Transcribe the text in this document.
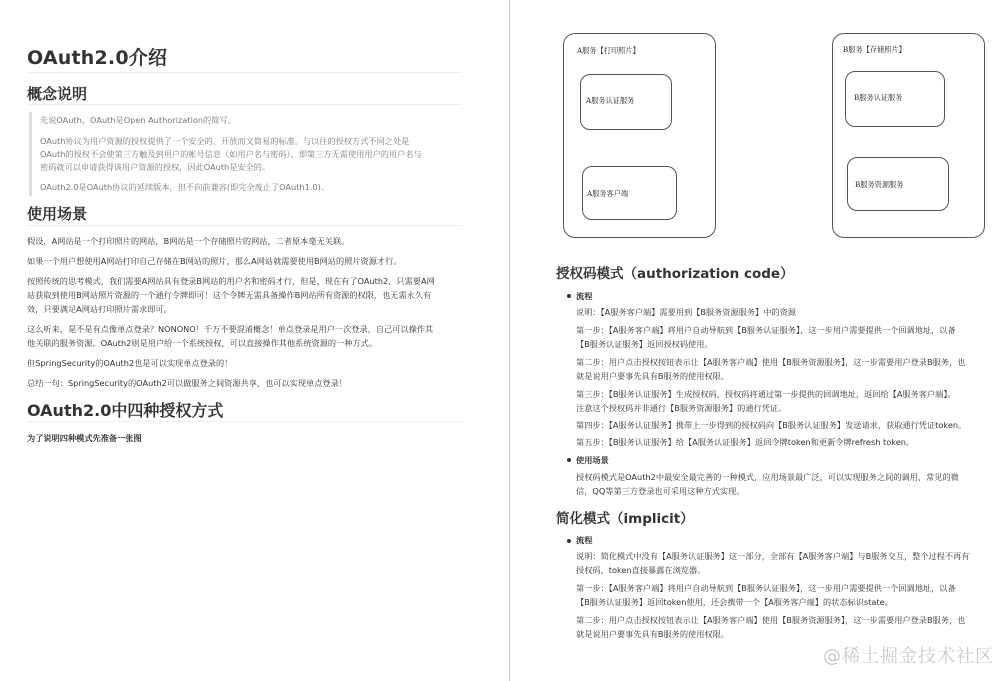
OAuth2.0介绍
概念说明

先说OAuth，OAuth是Open Authorization的简写。

OAuth协议为用户资源的授权提供了一个安全的、开放而又简易的标准。与以往的授权方式不同之处是

OAuth的授权不会使第三方触及到用户的帐号信息（如用户名与密码），即第三方无需使用用户的用户名与

密码就可以申请获得该用户资源的授权，因此OAuth是安全的。

OAuth2.0是OAuth协议的延续版本，但不向前兼容(即完全废止了OAuth1.0)。

使用场景

假设，A网站是一个打印照片的网站，B网站是一个存储照片的网站，二者原本毫无关联。

如果一个用户想使用A网站打印自己存储在B网站的照片，那么A网站就需要使用B网站的照片资源才行。

按照传统的思考模式，我们需要A网站具有登录B网站的用户名和密码才行，但是，现在有了OAuth2，只需要A网

站获取到使用B网站照片资源的一个通行令牌即可！这个令牌无需具备操作B网站所有资源的权限，也无需永久有

效，只要满足A网站打印照片需求即可。

这么听来，是不是有点像单点登录？NONONO！千万不要混淆概念！单点登录是用户一次登录，自己可以操作其

他关联的服务资源。OAuth2则是用户给一个系统授权，可以直接操作其他系统资源的一种方式。

但SpringSecurity的OAuth2也是可以实现单点登录的！

总结一句：SpringSecurity的OAuth2可以做服务之间资源共享，也可以实现单点登录！

OAuth2.0中四种授权方式

为了说明四种模式先准备一张图

A服务【打印照片】
A服务认证服务
A服务客户端
B服务【存储照片】
B服务认证服务
B服务资源服务
授权码模式（authorization code）

流程

说明：【A服务客户端】需要用到【B服务资源服务】中的资源

第一步：【A服务客户端】将用户自动导航到【B服务认证服务】，这一步用户需要提供一个回调地址，以备

【B服务认证服务】返回授权码使用。

第二步：用户点击授权按钮表示让【A服务客户端】使用【B服务资源服务】，这一步需要用户登录B服务，也

就是说用户要事先具有B服务的使用权限。

第三步：【B服务认证服务】生成授权码，授权码将通过第一步提供的回调地址，返回给【A服务客户端】。

注意这个授权码并非通行【B服务资源服务】的通行凭证。

第四步：【A服务认证服务】携带上一步得到的授权码向【B服务认证服务】发送请求，获取通行凭证token。

第五步：【B服务认证服务】给【A服务认证服务】返回令牌token和更新令牌refresh token。

使用场景

授权码模式是OAuth2中最安全最完善的一种模式，应用场景最广泛，可以实现服务之间的调用，常见的微

信，QQ等第三方登录也可采用这种方式实现。

简化模式（implicit）

流程

说明：简化模式中没有【A服务认证服务】这一部分，全部有【A服务客户端】与B服务交互，整个过程不再有

授权码，token直接暴露在浏览器。

第一步：【A服务客户端】将用户自动导航到【B服务认证服务】，这一步用户需要提供一个回调地址，以备

【B服务认证服务】返回token使用，还会携带一个【A服务客户端】的状态标识state。

第二步：用户点击授权按钮表示让【A服务客户端】使用【B服务资源服务】，这一步需要用户登录B服务，也

就是说用户要事先具有B服务的使用权限。

@稀土掘金技术社区
